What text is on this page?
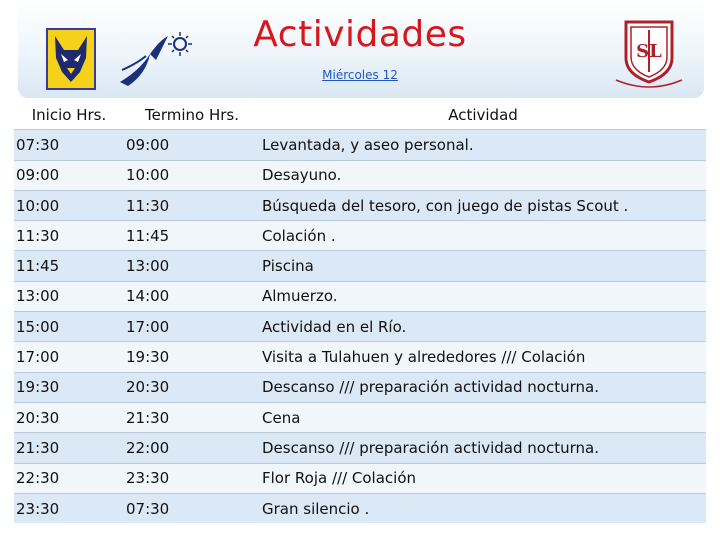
SL
Actividades
Miércoles 12
Inicio Hrs.	Termino Hrs.	Actividad
07:30	09:00	Levantada, y aseo personal.
09:00	10:00	Desayuno.
10:00	11:30	Búsqueda del tesoro, con juego de pistas Scout .
11:30	11:45	Colación .
11:45	13:00	Piscina
13:00	14:00	Almuerzo.
15:00	17:00	Actividad en el Río.
17:00	19:30	Visita a Tulahuen y alrededores /// Colación
19:30	20:30	Descanso /// preparación actividad nocturna.
20:30	21:30	Cena
21:30	22:00	Descanso /// preparación actividad nocturna.
22:30	23:30	Flor Roja /// Colación
23:30	07:30	Gran silencio .
